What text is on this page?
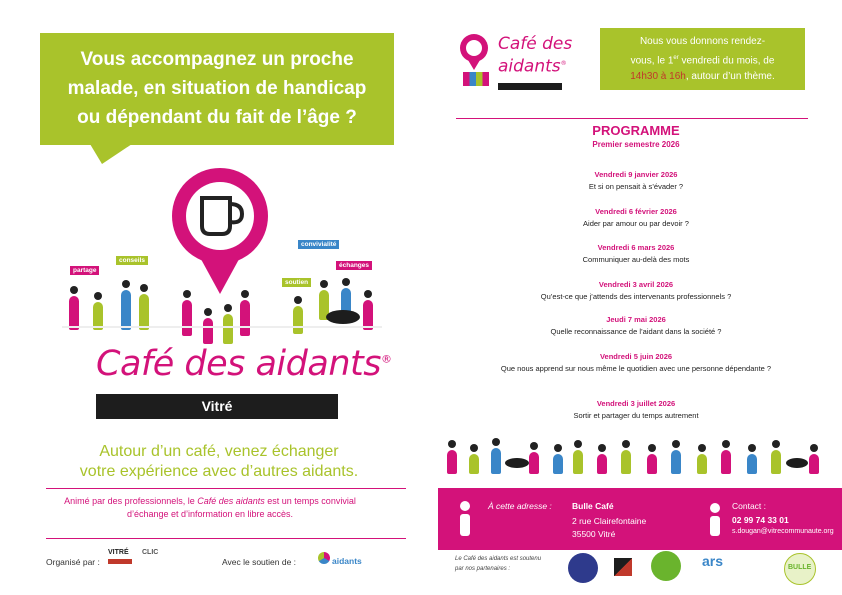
Vous accompagnez un proche
malade, en situation de handicap
ou dépendant du fait de l’âge ?
partage
conseils
convivialité
soutien
échanges
Café des aidants®
Vitré
Autour d’un café, venez échanger
votre expérience avec d’autres aidants.
Animé par des professionnels, le Café des aidants est un temps convivial d’échange et d’information en libre accès.
Organisé par :
VITRÉ CLIC
Avec le soutien de :	aidants
Café des
aidants®
Nous vous donnons rendez-
vous, le 1er vendredi du mois, de
14h30 à 16h, autour d’un thème.
PROGRAMME
Premier semestre 2026
Vendredi 9 janvier 2026
Et si on pensait à s’évader ?
Vendredi 6 février 2026
Aider par amour ou par devoir ?
Vendredi 6 mars 2026
Communiquer au-delà des mots
Vendredi 3 avril 2026
Qu’est-ce que j’attends des intervenants professionnels ?
Jeudi 7 mai 2026
Quelle reconnaissance de l’aidant dans la société ?
Vendredi 5 juin 2026
Que nous apprend sur nous même le quotidien avec une personne dépendante ?
Vendredi 3 juillet 2026
Sortir et partager du temps autrement
À cette adresse : Bulle Café
2 rue Clairefontaine
35500 Vitré
Contact :
02 99 74 33 01
s.dougan@vitrecommunaute.org
Le Café des aidants est soutenu
par nos partenaires :	ars	BULLE
